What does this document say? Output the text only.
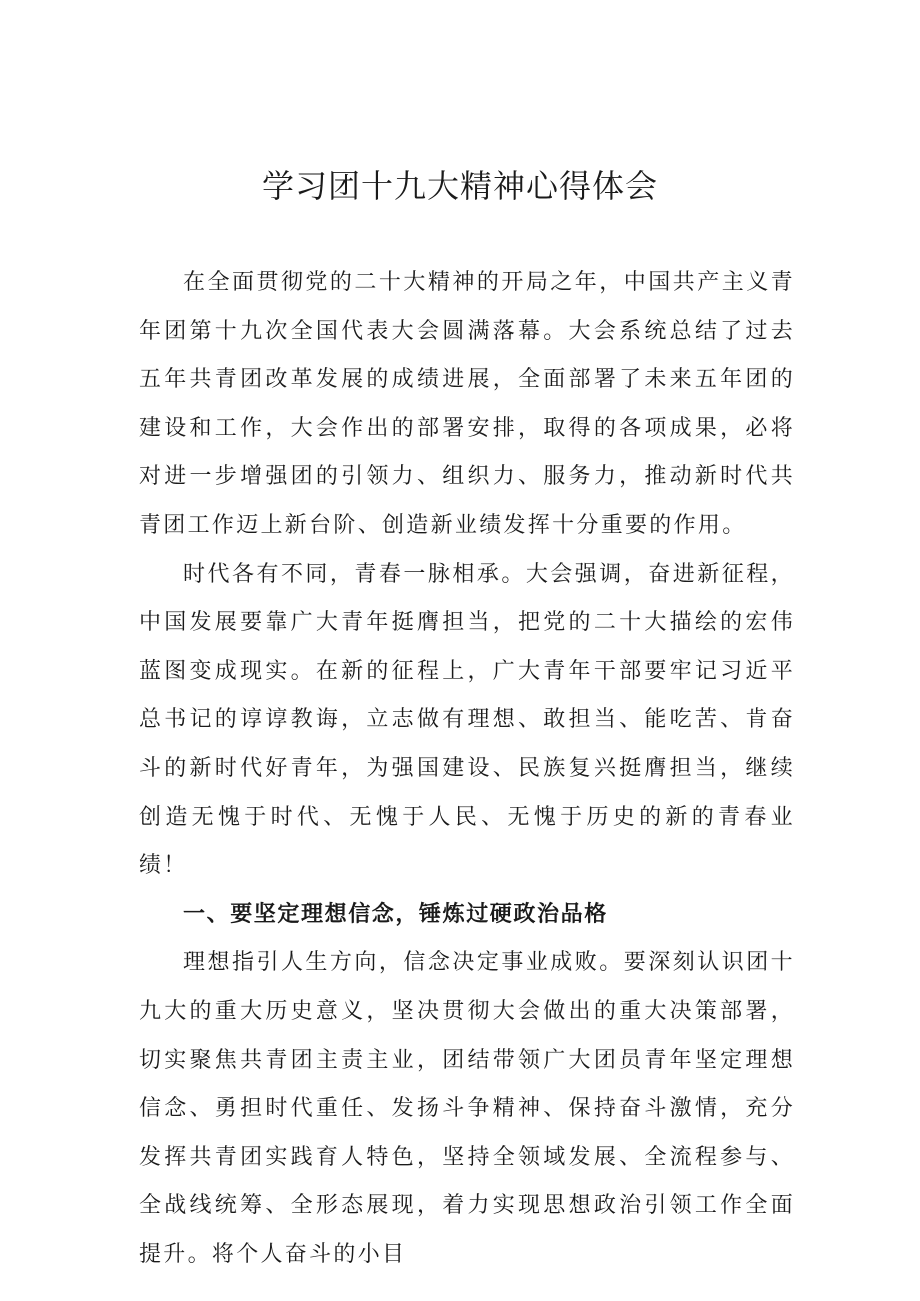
学习团十九大精神心得体会

在全面贯彻党的二十大精神的开局之年，中国共产主义青年团第十九次全国代表大会圆满落幕。大会系统总结了过去五年共青团改革发展的成绩进展，全面部署了未来五年团的建设和工作，大会作出的部署安排，取得的各项成果，必将对进一步增强团的引领力、组织力、服务力，推动新时代共青团工作迈上新台阶、创造新业绩发挥十分重要的作用。

时代各有不同，青春一脉相承。大会强调，奋进新征程，中国发展要靠广大青年挺膺担当，把党的二十大描绘的宏伟蓝图变成现实。在新的征程上，广大青年干部要牢记习近平总书记的谆谆教诲，立志做有理想、敢担当、能吃苦、肯奋斗的新时代好青年，为强国建设、民族复兴挺膺担当，继续创造无愧于时代、无愧于人民、无愧于历史的新的青春业绩！

一、要坚定理想信念，锤炼过硬政治品格

理想指引人生方向，信念决定事业成败。要深刻认识团十九大的重大历史意义，坚决贯彻大会做出的重大决策部署，切实聚焦共青团主责主业，团结带领广大团员青年坚定理想信念、勇担时代重任、发扬斗争精神、保持奋斗激情，充分发挥共青团实践育人特色，坚持全领域发展、全流程参与、全战线统筹、全形态展现，着力实现思想政治引领工作全面提升。将个人奋斗的小目
